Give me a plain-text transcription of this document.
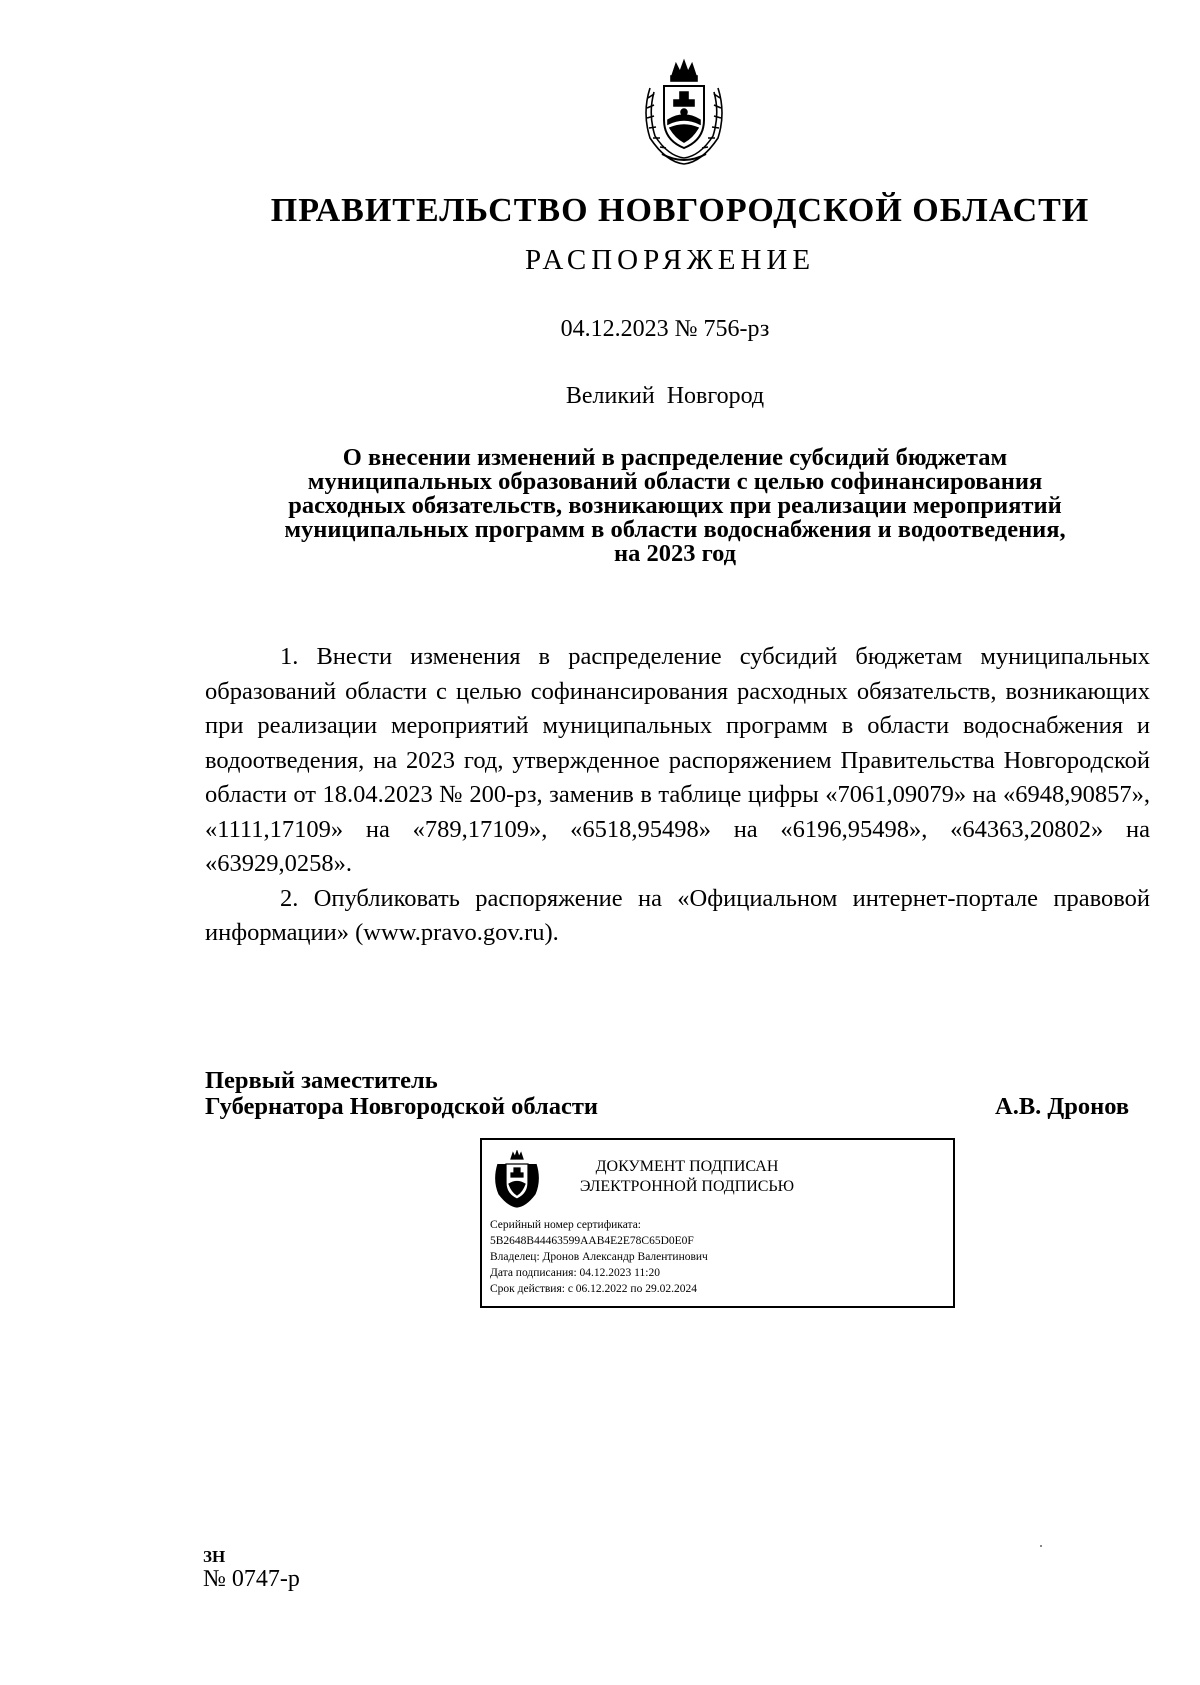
ПРАВИТЕЛЬСТВО НОВГОРОДСКОЙ ОБЛАСТИ
РАСПОРЯЖЕНИЕ
04.12.2023 № 756-рз
Великий Новгород
О внесении изменений в распределение субсидий бюджетам
муниципальных образований области с целью софинансирования
расходных обязательств, возникающих при реализации мероприятий
муниципальных программ в области водоснабжения и водоотведения,
на 2023 год

1. Внести изменения в распределение субсидий бюджетам муниципальных образований области с целью софинансирования расходных обязательств, возникающих при реализации мероприятий муниципальных программ в области водоснабжения и водоотведения, на 2023 год, утвержденное распоряжением Правительства Новгородской области от 18.04.2023 № 200-рз, заменив в таблице цифры «7061,09079» на «6948,90857», «1111,17109» на «789,17109», «6518,95498» на «6196,95498», «64363,20802» на «63929,0258».

2. Опубликовать распоряжение на «Официальном интернет-портале правовой информации» (www.pravo.gov.ru).

Первый заместитель
Губернатора Новгородской области	А.В. Дронов
ДОКУМЕНТ ПОДПИСАН
ЭЛЕКТРОННОЙ ПОДПИСЬЮ
Серийный номер сертификата:
5B2648B44463599AAB4E2E78C65D0E0F
Владелец: Дронов Александр Валентинович
Дата подписания: 04.12.2023 11:20
Срок действия: с 06.12.2022 по 29.02.2024
ЗН
№ 0747-р
